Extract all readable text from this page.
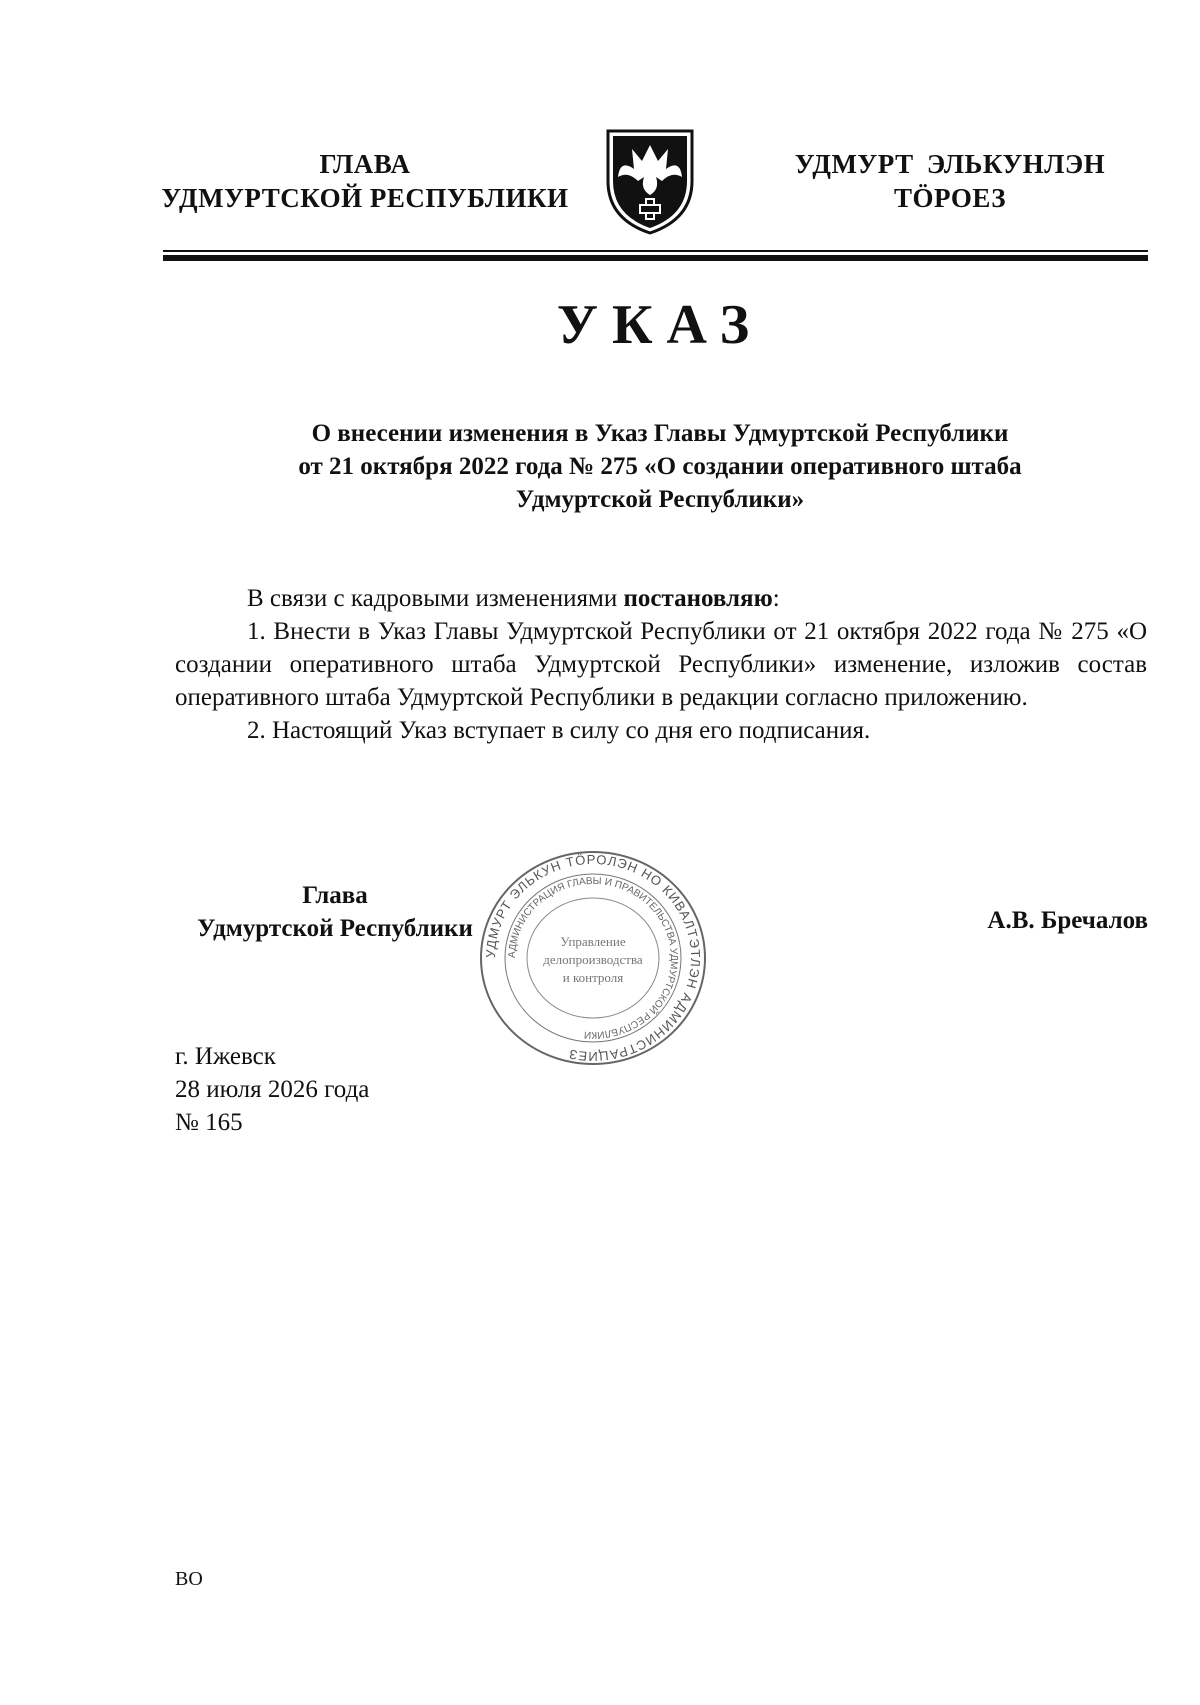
ГЛАВА
УДМУРТСКОЙ РЕСПУБЛИКИ
УДМУРТ ЭЛЬКУНЛЭН
ТӦРОЕЗ
УКАЗ
О внесении изменения в Указ Главы Удмуртской Республики
от 21 октября 2022 года № 275 «О создании оперативного штаба
Удмуртской Республики»

В связи с кадровыми изменениями постановляю:

1. Внести в Указ Главы Удмуртской Республики от 21 октября 2022 года № 275 «О создании оперативного штаба Удмуртской Республики» изменение, изложив состав оперативного штаба Удмуртской Республики в редакции согласно приложению.

2. Настоящий Указ вступает в силу со дня его подписания.

УДМУРТ ЭЛЬКУН ТӦРОЛЭН НО КИВАЛТЭТЛЭН АДМИНИСТРАЦИЕЗ
АДМИНИСТРАЦИЯ ГЛАВЫ И ПРАВИТЕЛЬСТВА УДМУРТСКОЙ РЕСПУБЛИКИ
Управление
делопроизводства
и контроля
Глава
Удмуртской Республики	А.В. Бречалов
г. Ижевск
28 июля 2026 года
№ 165
ВО
